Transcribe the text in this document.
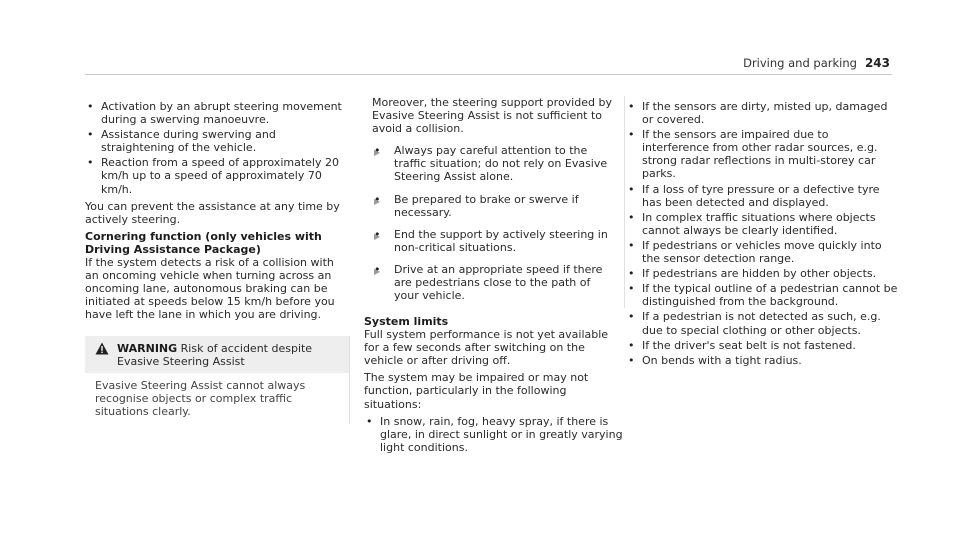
Driving and parking 243
• Activation by an abrupt steering movement during a swerving manoeuvre.
• Assistance during swerving and straightening of the vehicle.
• Reaction from a speed of approximately 20 km/h up to a speed of approximately 70 km/h.

You can prevent the assistance at any time by actively steering.

Cornering function (only vehicles with Driving Assistance Package)

If the system detects a risk of a collision with an oncoming vehicle when turning across an oncoming lane, autonomous braking can be initiated at speeds below 15 km/h before you have left the lane in which you are driving.

WARNING Risk of accident despite Evasive Steering Assist
Evasive Steering Assist cannot always recognise objects or complex traffic situations clearly.

Moreover, the steering support provided by Evasive Steering Assist is not sufficient to avoid a collision.

• ▶ Always pay careful attention to the traffic situation; do not rely on Evasive Steering Assist alone.
• ▶ Be prepared to brake or swerve if necessary.
• ▶ End the support by actively steering in non-critical situations.
• ▶ Drive at an appropriate speed if there are pedestrians close to the path of your vehicle.

System limits

Full system performance is not yet available for a few seconds after switching on the vehicle or after driving off.

The system may be impaired or may not function, particularly in the following situations:

• In snow, rain, fog, heavy spray, if there is glare, in direct sunlight or in greatly varying light conditions.
• If the sensors are dirty, misted up, damaged or covered.
• If the sensors are impaired due to interference from other radar sources, e.g. strong radar reflections in multi-storey car parks.
• If a loss of tyre pressure or a defective tyre has been detected and displayed.
• In complex traffic situations where objects cannot always be clearly identified.
• If pedestrians or vehicles move quickly into the sensor detection range.
• If pedestrians are hidden by other objects.
• If the typical outline of a pedestrian cannot be distinguished from the background.
• If a pedestrian is not detected as such, e.g. due to special clothing or other objects.
• If the driver's seat belt is not fastened.
• On bends with a tight radius.
